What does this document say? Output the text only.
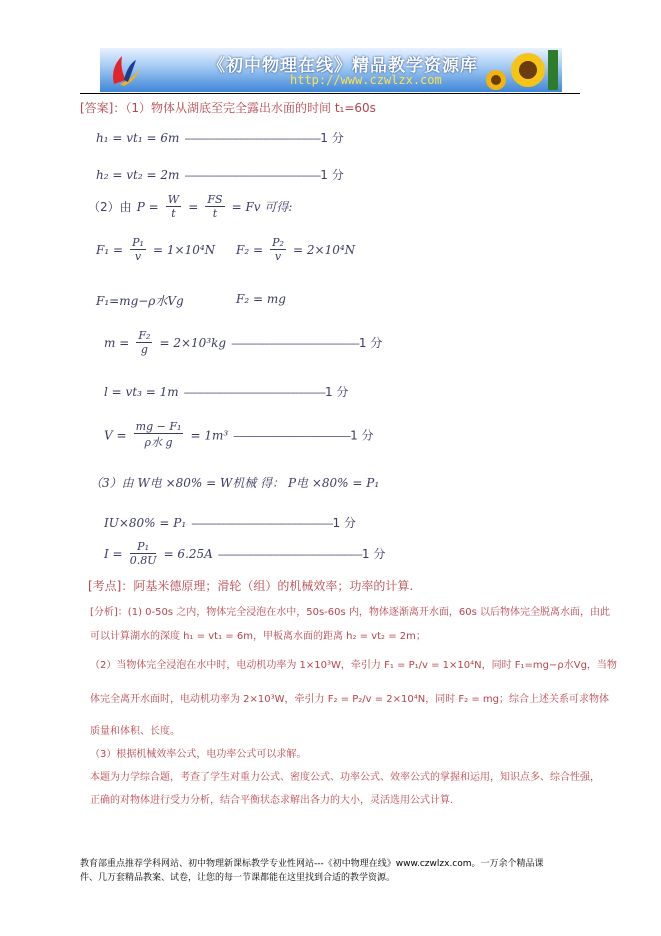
《初中物理在线》精品教学资源库
http://www.czwlzx.com
[答案]：（1）物体从湖底至完全露出水面的时间 t₁=60s
h₁ = vt₁ = 6m --------------------------------------------------1 分
h₂ = vt₂ = 2m --------------------------------------------------1 分
（2）由 $P = \frac{W}{t} = \frac{FS}{t} = Fv$ 可得:
$F_1 = \frac{\text{P₁}}{v} = 1\times 10^4N$ $F_2 = \frac{\text{P₂}}{v} = 2\times 10^4N$
F₁=mg−ρ水Vg	F₂ = mg
$m = \frac{\text{F₂}}{g} = 2\times 10^3kg$ -----------------------------------------------1 分
l = vt₃ = 1m ----------------------------------------------------1 分
$V = \frac{\text{mg − F₁}}{\text{ρ水 g}} = 1m^3$ -------------------------------------------1 分
（3）由 W电 ×80% = W机械 得： P电 ×80% = P₁
IU×80% = P₁ ----------------------------------------------------1 分
$I = \frac{\text{P₁}}{0.8U} = 6.25A$ -----------------------------------------------------1 分
[考点]：阿基米德原理；滑轮（组）的机械效率；功率的计算.
[分析]：(1) 0-50s 之内，物体完全浸泡在水中，50s-60s 内，物体逐渐离开水面，60s 以后物体完全脱离水面，由此
可以计算湖水的深度 h₁ = vt₁ = 6m，甲板离水面的距离 h₂ = vt₂ = 2m；
（2）当物体完全浸泡在水中时，电动机功率为 1×10³W，牵引力 F₁ = P₁/v = 1×10⁴N，同时 F₁=mg−ρ水Vg，当物
体完全离开水面时，电动机功率为 2×10³W，牵引力 F₂ = P₂/v = 2×10⁴N，同时 F₂ = mg；综合上述关系可求物体
质量和体积、长度。
（3）根据机械效率公式，电功率公式可以求解。
本题为力学综合题，考查了学生对重力公式、密度公式、功率公式、效率公式的掌握和运用，知识点多、综合性强，
正确的对物体进行受力分析，结合平衡状态求解出各力的大小，灵活选用公式计算.
教育部重点推荐学科网站、初中物理新课标教学专业性网站---《初中物理在线》www.czwlzx.com。一万余个精品课
件、几万套精品教案、试卷，让您的每一节课都能在这里找到合适的教学资源。
